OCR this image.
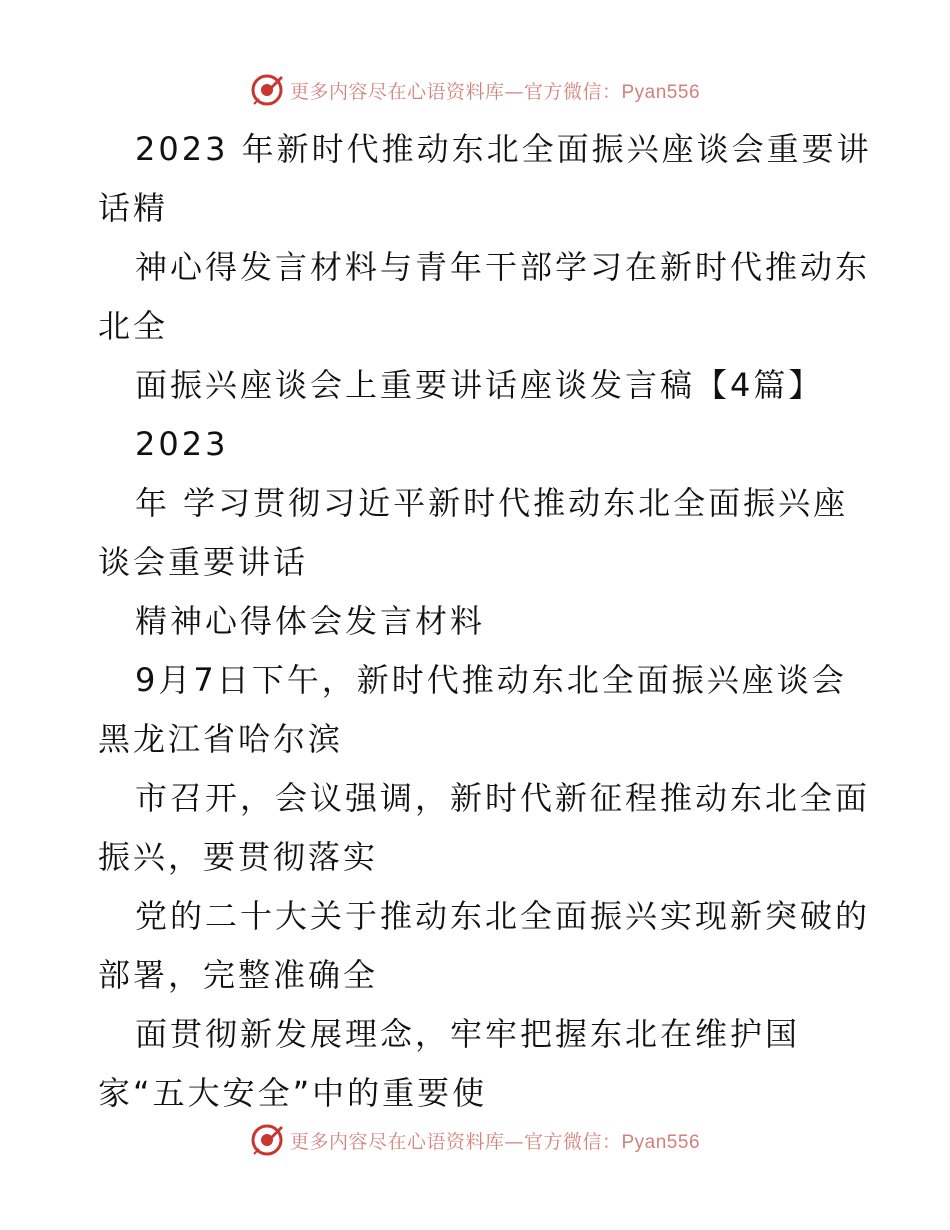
更多内容尽在心语资料库—官方微信：Pyan556
2023 年新时代推动东北全面振兴座谈会重要讲
话精
神心得发言材料与青年干部学习在新时代推动东
北全
面振兴座谈会上重要讲话座谈发言稿【4篇】
2023
年 学习贯彻习近平新时代推动东北全面振兴座
谈会重要讲话
精神心得体会发言材料
9月7日下午，新时代推动东北全面振兴座谈会
黑龙江省哈尔滨
市召开，会议强调，新时代新征程推动东北全面
振兴，要贯彻落实
党的二十大关于推动东北全面振兴实现新突破的
部署，完整准确全
面贯彻新发展理念，牢牢把握东北在维护国
家“五大安全”中的重要使
更多内容尽在心语资料库—官方微信：Pyan556
